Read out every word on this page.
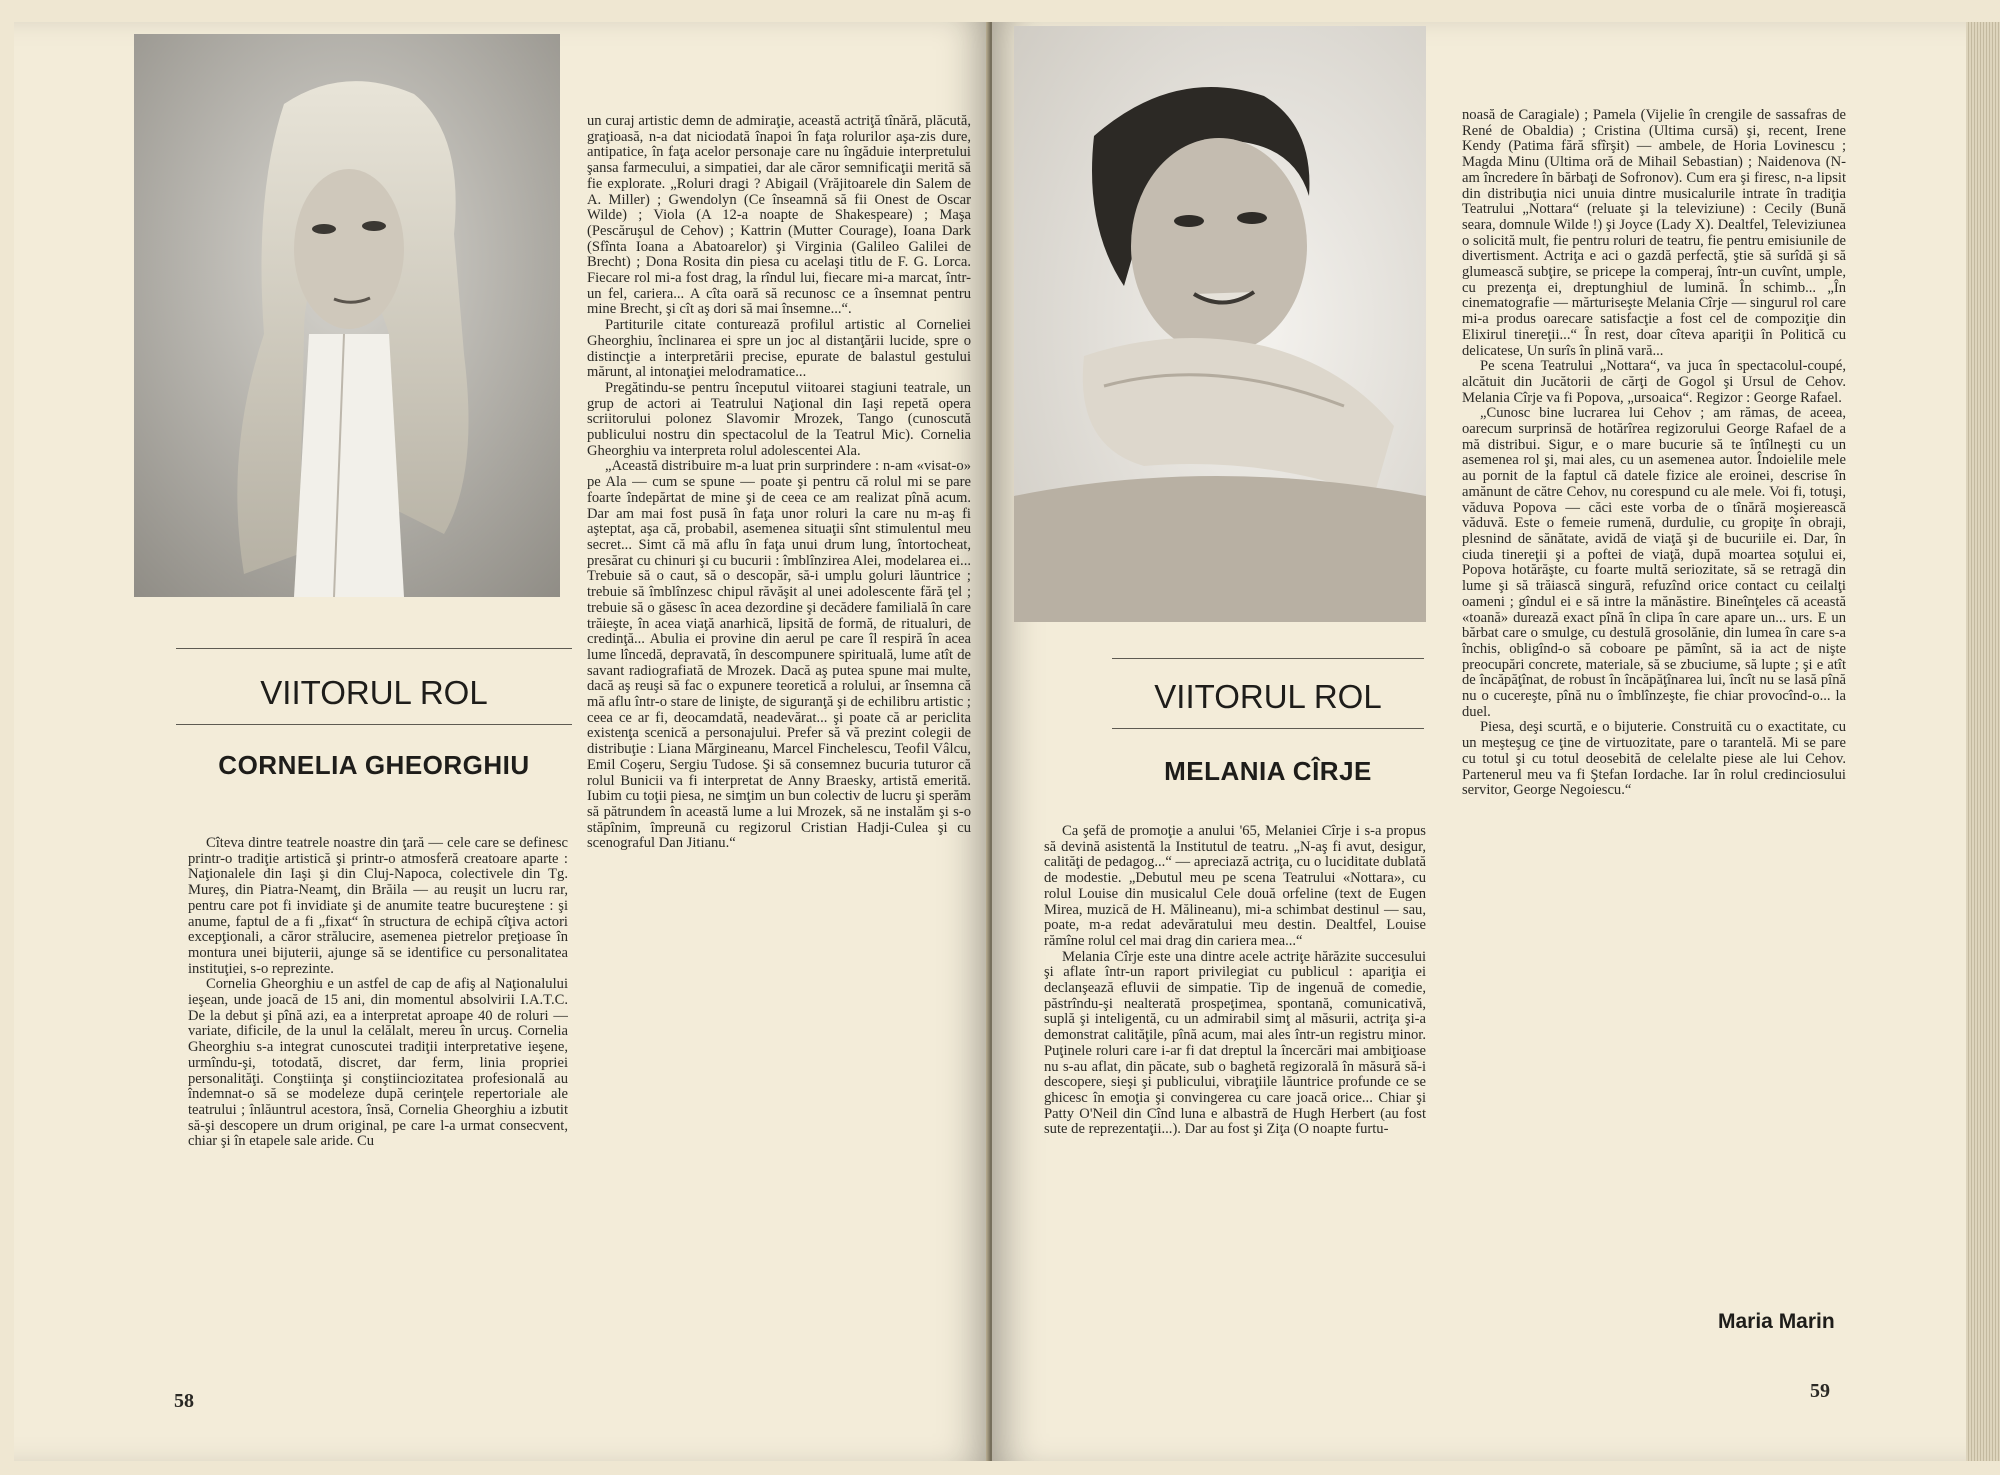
VIITORUL ROL
CORNELIA GHEORGHIU

Cîteva dintre teatrele noastre din ţară — cele care se definesc printr-o tradiţie artistică şi printr-o atmosferă creatoare aparte : Naţionalele din Iaşi şi din Cluj-Napoca, colectivele din Tg. Mureş, din Piatra-Neamţ, din Brăila — au reuşit un lucru rar, pentru care pot fi invidiate şi de anumite teatre bucureştene : şi anume, faptul de a fi „fixat“ în structura de echipă cîţiva actori excepţionali, a căror strălucire, asemenea pietrelor preţioase în montura unei bijuterii, ajunge să se identifice cu personalitatea instituţiei, s-o reprezinte.

Cornelia Gheorghiu e un astfel de cap de afiş al Naţionalului ieşean, unde joacă de 15 ani, din momentul absolvirii I.A.T.C. De la debut şi pînă azi, ea a interpretat aproape 40 de roluri — variate, dificile, de la unul la celălalt, mereu în urcuş. Cornelia Gheorghiu s-a integrat cunoscutei tradiţii interpretative ieşene, urmîndu-şi, totodată, discret, dar ferm, linia propriei personalităţi. Conştiinţa şi conştiinciozitatea profesională au îndemnat-o să se modeleze după cerinţele repertoriale ale teatrului ; înlăuntrul acestora, însă, Cornelia Gheorghiu a izbutit să-şi descopere un drum original, pe care l-a urmat consecvent, chiar şi în etapele sale aride. Cu

un curaj artistic demn de admiraţie, această actriţă tînără, plăcută, graţioasă, n-a dat niciodată înapoi în faţa rolurilor aşa-zis dure, antipatice, în faţa acelor personaje care nu îngăduie interpretului şansa farmecului, a simpatiei, dar ale căror semnificaţii merită să fie explorate. „Roluri dragi ? Abigail (Vrăjitoarele din Salem de A. Miller) ; Gwendolyn (Ce înseamnă să fii Onest de Oscar Wilde) ; Viola (A 12-a noapte de Shakespeare) ; Maşa (Pescăruşul de Cehov) ; Kattrin (Mutter Courage), Ioana Dark (Sfînta Ioana a Abatoarelor) şi Virginia (Galileo Galilei de Brecht) ; Dona Rosita din piesa cu acelaşi titlu de F. G. Lorca. Fiecare rol mi-a fost drag, la rîndul lui, fiecare mi-a marcat, într-un fel, cariera... A cîta oară să recunosc ce a însemnat pentru mine Brecht, şi cît aş dori să mai însemne...“.

Partiturile citate conturează profilul artistic al Corneliei Gheorghiu, înclinarea ei spre un joc al distanţării lucide, spre o distincţie a interpretării precise, epurate de balastul gestului mărunt, al intonaţiei melodramatice...

Pregătindu-se pentru începutul viitoarei stagiuni teatrale, un grup de actori ai Teatrului Naţional din Iaşi repetă opera scriitorului polonez Slavomir Mrozek, Tango (cunoscută publicului nostru din spectacolul de la Teatrul Mic). Cornelia Gheorghiu va interpreta rolul adolescentei Ala.

„Această distribuire m-a luat prin surprindere : n-am «visat-o» pe Ala — cum se spune — poate şi pentru că rolul mi se pare foarte îndepărtat de mine şi de ceea ce am realizat pînă acum. Dar am mai fost pusă în faţa unor roluri la care nu m-aş fi aşteptat, aşa că, probabil, asemenea situaţii sînt stimulentul meu secret... Simt că mă aflu în faţa unui drum lung, întortocheat, presărat cu chinuri şi cu bucurii : îmblînzirea Alei, modelarea ei... Trebuie să o caut, să o descopăr, să-i umplu goluri lăuntrice ; trebuie să îmblînzesc chipul răvăşit al unei adolescente fără ţel ; trebuie să o găsesc în acea dezordine şi decădere familială în care trăieşte, în acea viaţă anarhică, lipsită de formă, de ritualuri, de credinţă... Abulia ei provine din aerul pe care îl respiră în acea lume lîncedă, depravată, în descompunere spirituală, lume atît de savant radiografiată de Mrozek. Dacă aş putea spune mai multe, dacă aş reuşi să fac o expunere teoretică a rolului, ar însemna că mă aflu într-o stare de linişte, de siguranţă şi de echilibru artistic ; ceea ce ar fi, deocamdată, neadevărat... şi poate că ar periclita existenţa scenică a personajului. Prefer să vă prezint colegii de distribuţie : Liana Mărgineanu, Marcel Finchelescu, Teofil Vâlcu, Emil Coşeru, Sergiu Tudose. Şi să consemnez bucuria tuturor că rolul Bunicii va fi interpretat de Anny Braesky, artistă emerită. Iubim cu toţii piesa, ne simţim un bun colectiv de lucru şi sperăm să pătrundem în această lume a lui Mrozek, să ne instalăm şi s-o stăpînim, împreună cu regizorul Cristian Hadji-Culea şi cu scenograful Dan Jitianu.“

58
VIITORUL ROL
MELANIA CÎRJE

Ca şefă de promoţie a anului '65, Melaniei Cîrje i s-a propus să devină asistentă la Institutul de teatru. „N-aş fi avut, desigur, calităţi de pedagog...“ — apreciază actriţa, cu o luciditate dublată de modestie. „Debutul meu pe scena Teatrului «Nottara», cu rolul Louise din musicalul Cele două orfeline (text de Eugen Mirea, muzică de H. Mălineanu), mi-a schimbat destinul — sau, poate, m-a redat adevăratului meu destin. Dealtfel, Louise rămîne rolul cel mai drag din cariera mea...“

Melania Cîrje este una dintre acele actriţe hărăzite succesului şi aflate într-un raport privilegiat cu publicul : apariţia ei declanşează efluvii de simpatie. Tip de ingenuă de comedie, păstrîndu-şi nealterată prospeţimea, spontană, comunicativă, suplă şi inteligentă, cu un admirabil simţ al măsurii, actriţa şi-a demonstrat calităţile, pînă acum, mai ales într-un registru minor. Puţinele roluri care i-ar fi dat dreptul la încercări mai ambiţioase nu s-au aflat, din păcate, sub o baghetă regizorală în măsură să-i descopere, sieşi şi publicului, vibraţiile lăuntrice profunde ce se ghicesc în emoţia şi convingerea cu care joacă orice... Chiar şi Patty O'Neil din Cînd luna e albastră de Hugh Herbert (au fost sute de reprezentaţii...). Dar au fost şi Ziţa (O noapte furtu-

noasă de Caragiale) ; Pamela (Vijelie în crengile de sassafras de René de Obaldia) ; Cristina (Ultima cursă) şi, recent, Irene Kendy (Patima fără sfîrşit) — ambele, de Horia Lovinescu ; Magda Minu (Ultima oră de Mihail Sebastian) ; Naidenova (N-am încredere în bărbaţi de Sofronov). Cum era şi firesc, n-a lipsit din distribuţia nici unuia dintre musicalurile intrate în tradiţia Teatrului „Nottara“ (reluate şi la televiziune) : Cecily (Bună seara, domnule Wilde !) şi Joyce (Lady X). Dealtfel, Televiziunea o solicită mult, fie pentru roluri de teatru, fie pentru emisiunile de divertisment. Actriţa e aci o gazdă perfectă, ştie să surîdă şi să glumească subţire, se pricepe la comperaj, într-un cuvînt, umple, cu prezenţa ei, dreptunghiul de lumină. În schimb... „În cinematografie — mărturiseşte Melania Cîrje — singurul rol care mi-a produs oarecare satisfacţie a fost cel de compoziţie din Elixirul tinereţii...“ În rest, doar cîteva apariţii în Politică cu delicatese, Un surîs în plină vară...

Pe scena Teatrului „Nottara“, va juca în spectacolul-coupé, alcătuit din Jucătorii de cărţi de Gogol şi Ursul de Cehov. Melania Cîrje va fi Popova, „ursoaica“. Regizor : George Rafael.

„Cunosc bine lucrarea lui Cehov ; am rămas, de aceea, oarecum surprinsă de hotărîrea regizorului George Rafael de a mă distribui. Sigur, e o mare bucurie să te întîlneşti cu un asemenea rol şi, mai ales, cu un asemenea autor. Îndoielile mele au pornit de la faptul că datele fizice ale eroinei, descrise în amănunt de către Cehov, nu corespund cu ale mele. Voi fi, totuşi, văduva Popova — căci este vorba de o tînără moşierească văduvă. Este o femeie rumenă, durdulie, cu gropiţe în obraji, plesnind de sănătate, avidă de viaţă şi de bucuriile ei. Dar, în ciuda tinereţii şi a poftei de viaţă, după moartea soţului ei, Popova hotărăşte, cu foarte multă seriozitate, să se retragă din lume şi să trăiască singură, refuzînd orice contact cu ceilalţi oameni ; gîndul ei e să intre la mănăstire. Bineînţeles că această «toană» durează exact pînă în clipa în care apare un... urs. E un bărbat care o smulge, cu destulă grosolănie, din lumea în care s-a închis, obligînd-o să coboare pe pămînt, să ia act de nişte preocupări concrete, materiale, să se zbuciume, să lupte ; şi e atît de încăpăţînat, de robust în încăpăţînarea lui, încît nu se lasă pînă nu o cucereşte, pînă nu o îmblînzeşte, fie chiar provocînd-o... la duel.

Piesa, deşi scurtă, e o bijuterie. Construită cu o exactitate, cu un meşteşug ce ţine de virtuozitate, pare o tarantelă. Mi se pare cu totul şi cu totul deosebită de celelalte piese ale lui Cehov. Partenerul meu va fi Ştefan Iordache. Iar în rolul credinciosului servitor, George Negoiescu.“

Maria Marin
59
